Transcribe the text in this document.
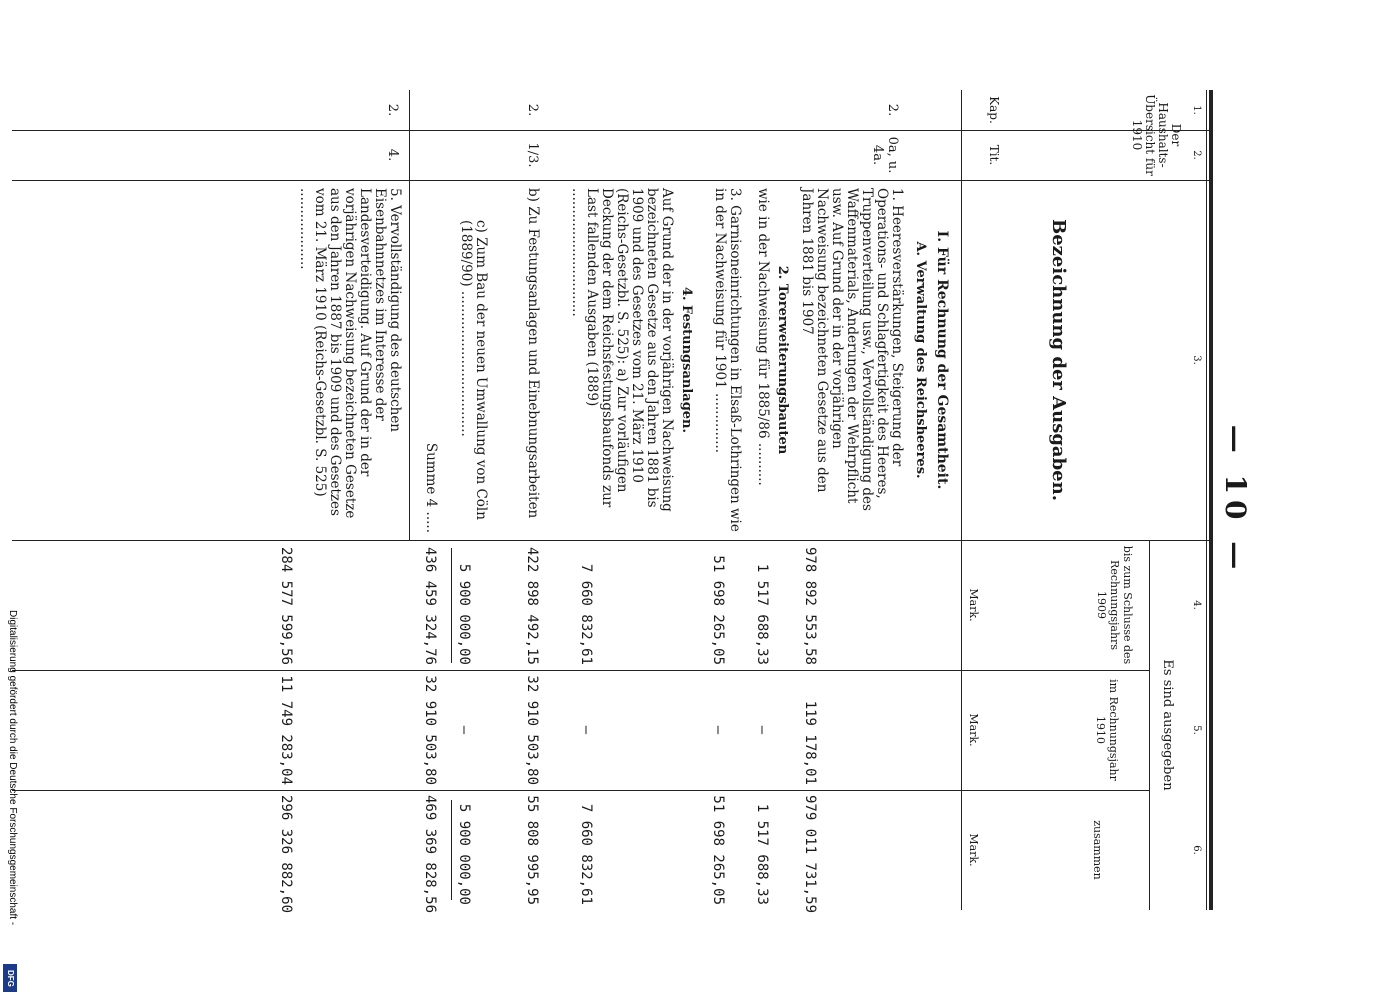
— 10 —
1.
2.
3.
4.
5.
6.
Der Haushalts-Übersicht für 1910
Kap.
Tit.
Bezeichnung der Ausgaben.
Es sind ausgegeben
bis zum Schlusse des Rechnungsjahrs 1909
im Rechnungsjahr 1910
zusammen
Mark.
Mark.
Mark.
I. Für Rechnung der Gesamtheit.
A. Verwaltung des Reichsheeres.
2.
0a, u. 4a.
1. Heeresverstärkungen, Steigerung der Operations- und Schlagfertigkeit des Heeres, Truppenverteilung usw., Vervollständigung des Waffenmaterials, Änderungen der Wehrpflicht usw. Auf Grund der in der vorjährigen Nachweisung bezeichneten Gesetze aus den Jahren 1881 bis 1907
978 892 553,58
119 178,01
979 011 731,59
2. Torerweiterungsbauten
wie in der Nachweisung für 1885/86 ..........
1 517 688,33
—
1 517 688,33
3. Garnisoneinrichtungen in Elsaß-Lothringen wie in der Nachweisung für 1901 ..............
51 698 265,05
—
51 698 265,05
4. Festungsanlagen.
Auf Grund der in der vorjährigen Nachweisung bezeichneten Gesetze aus den Jahren 1881 bis 1909 und des Gesetzes vom 21. März 1910 (Reichs-Gesetzbl. S. 525): a) Zur vorläufigen Deckung der dem Reichsfestungsbaufonds zur Last fallenden Ausgaben (1889) ..............................
7 660 832,61
—
7 660 832,61
2.
1/3.
b) Zu Festungsanlagen und Einebnungsarbeiten
422 898 492,15
32 910 503,80
55 808 995,95
c) Zum Bau der neuen Umwallung von Cöln (1889/90) ..................................
5 900 000,00
—
5 900 000,00
Summe 4 .....
436 459 324,76
32 910 503,80
469 369 828,56
2.
4.
5. Vervollständigung des deutschen Eisenbahnnetzes im Interesse der Landesverteidigung. Auf Grund der in der vorjährigen Nachweisung bezeichneten Gesetze aus den Jahren 1887 bis 1909 und des Gesetzes vom 21. März 1910 (Reichs-Gesetzbl. S. 525) ...................
284 577 599,56
11 749 283,04
296 326 882,60
Digitalisierung gefördert durch die Deutsche Forschungsgemeinschaft -
DFG
